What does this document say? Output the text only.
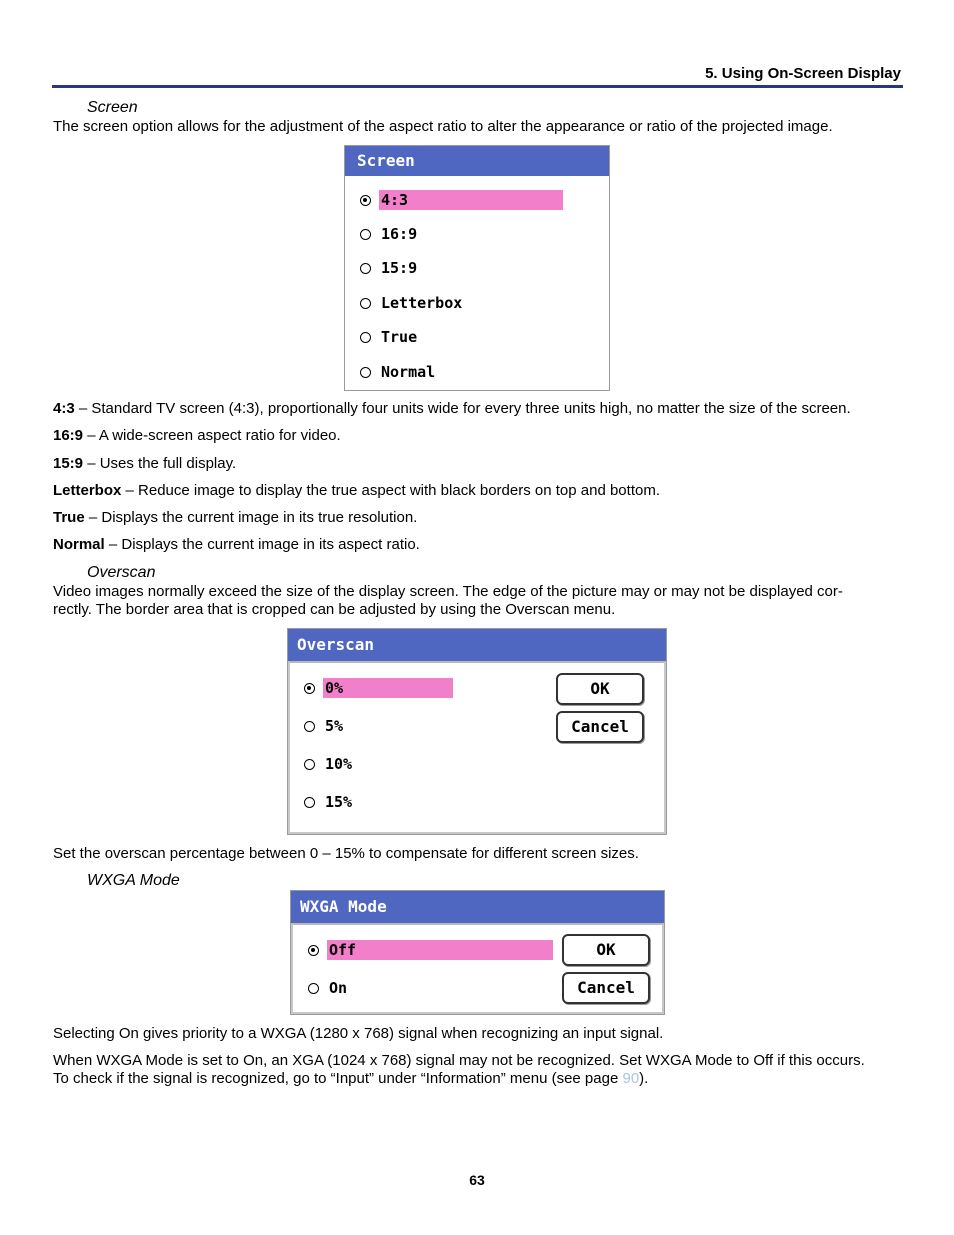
5. Using On-Screen Display
Screen
The screen option allows for the adjustment of the aspect ratio to alter the appearance or ratio of the projected image.
Screen
4:3
16:9
15:9
Letterbox
True
Normal
4:3 – Standard TV screen (4:3), proportionally four units wide for every three units high, no matter the size of the screen.
16:9 – A wide-screen aspect ratio for video.
15:9 – Uses the full display.
Letterbox – Reduce image to display the true aspect with black borders on top and bottom.
True – Displays the current image in its true resolution.
Normal – Displays the current image in its aspect ratio.
Overscan
Video images normally exceed the size of the display screen. The edge of the picture may or may not be displayed cor-
rectly. The border area that is cropped can be adjusted by using the Overscan menu.
Overscan
0%
5%
10%
15%
OK
Cancel
Set the overscan percentage between 0 – 15% to compensate for different screen sizes.
WXGA Mode
WXGA Mode
Off
On
OK
Cancel
Selecting On gives priority to a WXGA (1280 x 768) signal when recognizing an input signal.
When WXGA Mode is set to On, an XGA (1024 x 768) signal may not be recognized. Set WXGA Mode to Off if this occurs.
To check if the signal is recognized, go to “Input” under “Information” menu (see page 90).
63
